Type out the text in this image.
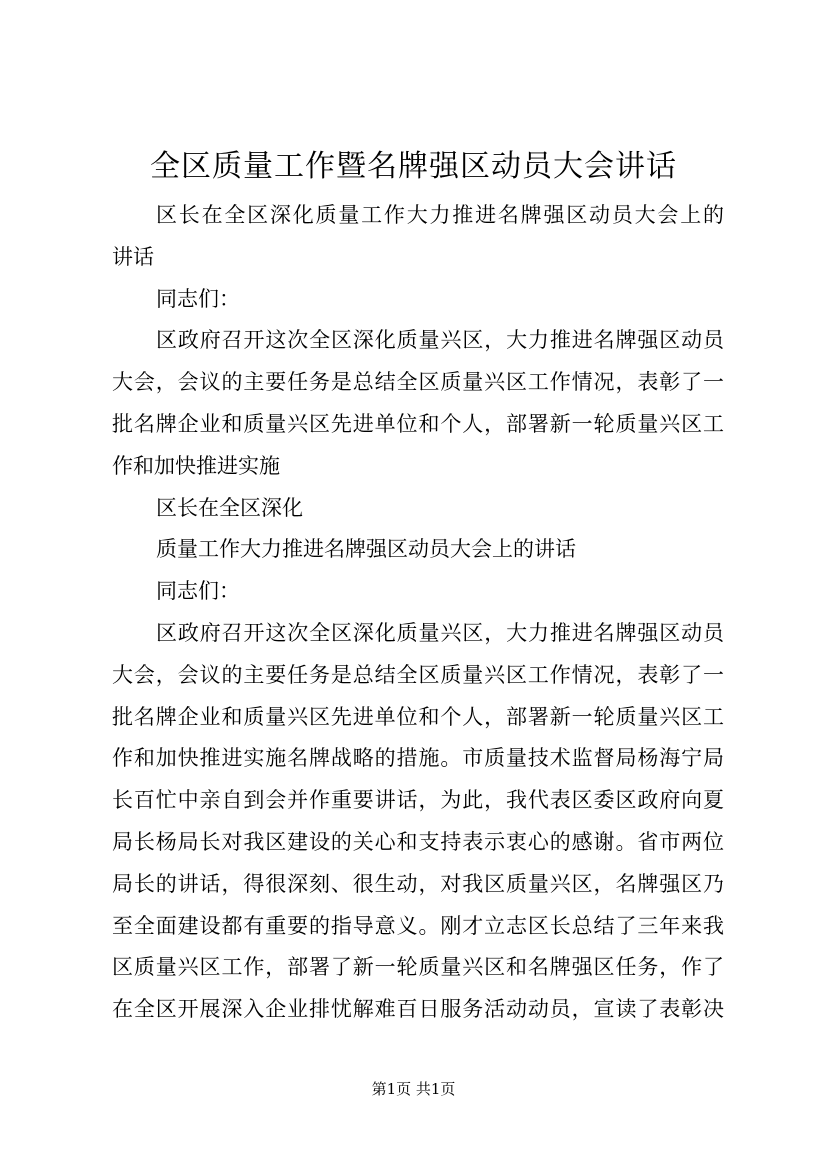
全区质量工作暨名牌强区动员大会讲话
区长在全区深化质量工作大力推进名牌强区动员大会上的
讲话
同志们：
区政府召开这次全区深化质量兴区，大力推进名牌强区动员
大会，会议的主要任务是总结全区质量兴区工作情况，表彰了一
批名牌企业和质量兴区先进单位和个人，部署新一轮质量兴区工
作和加快推进实施
区长在全区深化
质量工作大力推进名牌强区动员大会上的讲话
同志们：
区政府召开这次全区深化质量兴区，大力推进名牌强区动员
大会，会议的主要任务是总结全区质量兴区工作情况，表彰了一
批名牌企业和质量兴区先进单位和个人，部署新一轮质量兴区工
作和加快推进实施名牌战略的措施。市质量技术监督局杨海宁局
长百忙中亲自到会并作重要讲话，为此，我代表区委区政府向夏
局长杨局长对我区建设的关心和支持表示衷心的感谢。省市两位
局长的讲话，得很深刻、很生动，对我区质量兴区，名牌强区乃
至全面建设都有重要的指导意义。刚才立志区长总结了三年来我
区质量兴区工作，部署了新一轮质量兴区和名牌强区任务，作了
在全区开展深入企业排忧解难百日服务活动动员，宣读了表彰决
第1页 共1页
